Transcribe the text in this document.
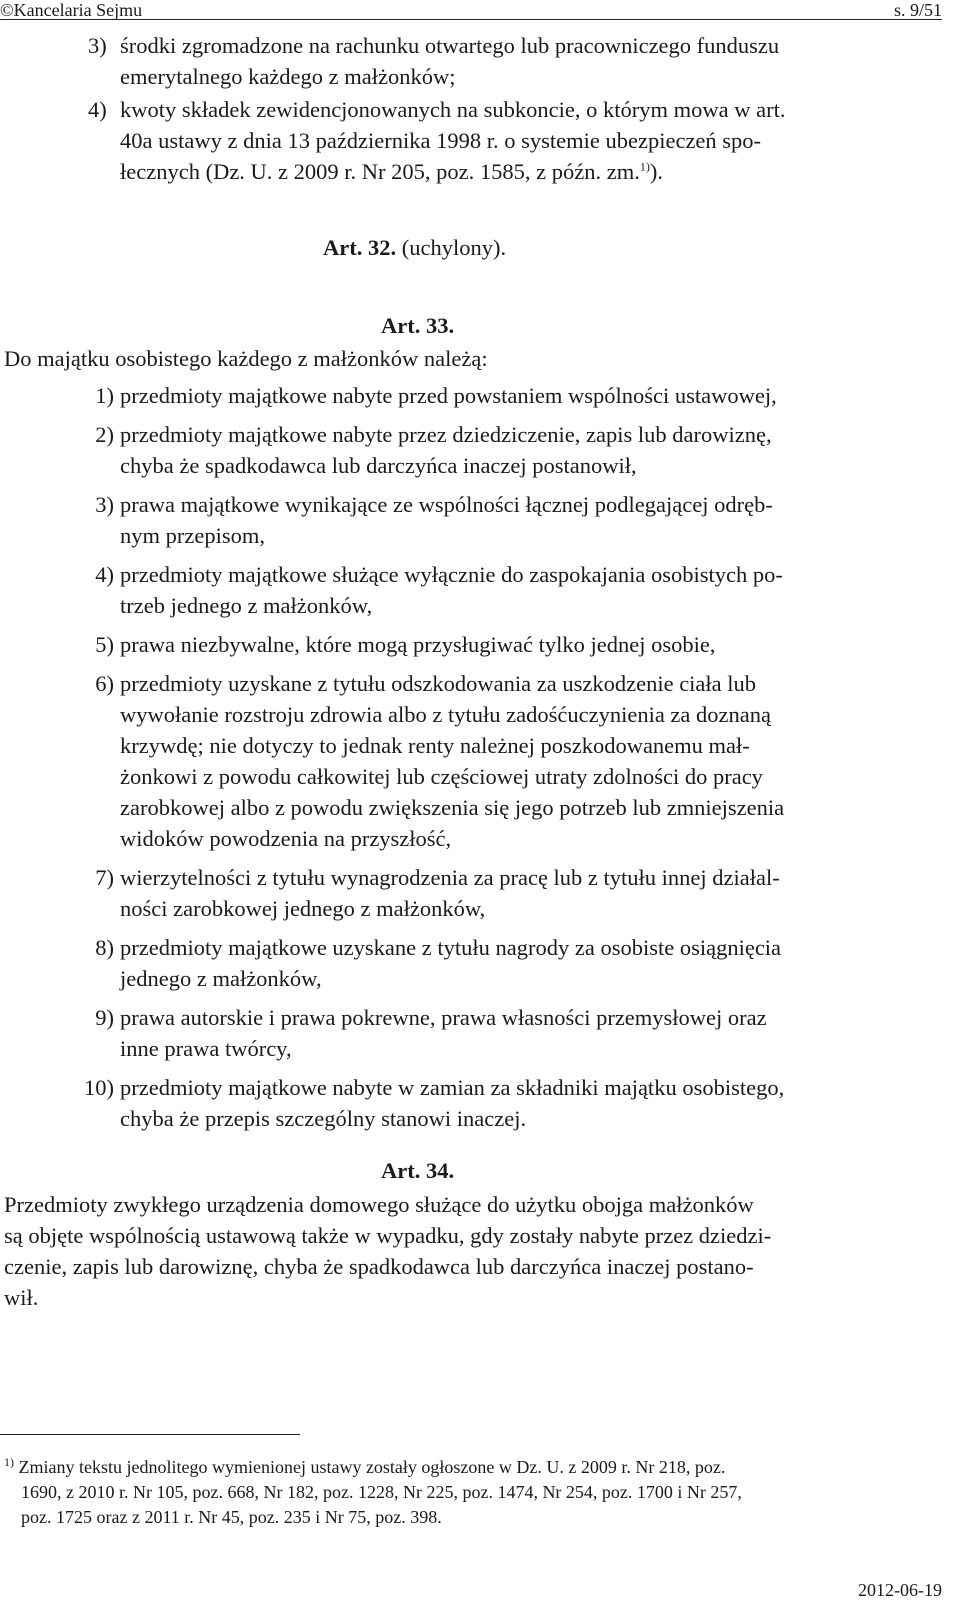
©Kancelaria Sejmu	s. 9/51
3) środki zgromadzone na rachunku otwartego lub pracowniczego funduszu
emerytalnego każdego z małżonków;
4) kwoty składek zewidencjonowanych na subkoncie, o którym mowa w art.
40a ustawy z dnia 13 października 1998 r. o systemie ubezpieczeń spo-
łecznych (Dz. U. z 2009 r. Nr 205, poz. 1585, z późn. zm.$^{1)}$).
Art. 32. (uchylony).
Art. 33.
Do majątku osobistego każdego z małżonków należą:
1) przedmioty majątkowe nabyte przed powstaniem wspólności ustawowej,
2) przedmioty majątkowe nabyte przez dziedziczenie, zapis lub darowiznę,
chyba że spadkodawca lub darczyńca inaczej postanowił,
3) prawa majątkowe wynikające ze wspólności łącznej podlegającej odręb-
nym przepisom,
4) przedmioty majątkowe służące wyłącznie do zaspokajania osobistych po-
trzeb jednego z małżonków,
5) prawa niezbywalne, które mogą przysługiwać tylko jednej osobie,
6) przedmioty uzyskane z tytułu odszkodowania za uszkodzenie ciała lub
wywołanie rozstroju zdrowia albo z tytułu zadośćuczynienia za doznaną
krzywdę; nie dotyczy to jednak renty należnej poszkodowanemu mał-
żonkowi z powodu całkowitej lub częściowej utraty zdolności do pracy
zarobkowej albo z powodu zwiększenia się jego potrzeb lub zmniejszenia
widoków powodzenia na przyszłość,
7) wierzytelności z tytułu wynagrodzenia za pracę lub z tytułu innej działal-
ności zarobkowej jednego z małżonków,
8) przedmioty majątkowe uzyskane z tytułu nagrody za osobiste osiągnięcia
jednego z małżonków,
9) prawa autorskie i prawa pokrewne, prawa własności przemysłowej oraz
inne prawa twórcy,
10) przedmioty majątkowe nabyte w zamian za składniki majątku osobistego,
chyba że przepis szczególny stanowi inaczej.
Art. 34.
Przedmioty zwykłego urządzenia domowego służące do użytku obojga małżonków
są objęte wspólnością ustawową także w wypadku, gdy zostały nabyte przez dziedzi-
czenie, zapis lub darowiznę, chyba że spadkodawca lub darczyńca inaczej postano-
wił.
$^{1)}$ Zmiany tekstu jednolitego wymienionej ustawy zostały ogłoszone w Dz. U. z 2009 r. Nr 218, poz.
1690, z 2010 r. Nr 105, poz. 668, Nr 182, poz. 1228, Nr 225, poz. 1474, Nr 254, poz. 1700 i Nr 257,
poz. 1725 oraz z 2011 r. Nr 45, poz. 235 i Nr 75, poz. 398.
2012-06-19
